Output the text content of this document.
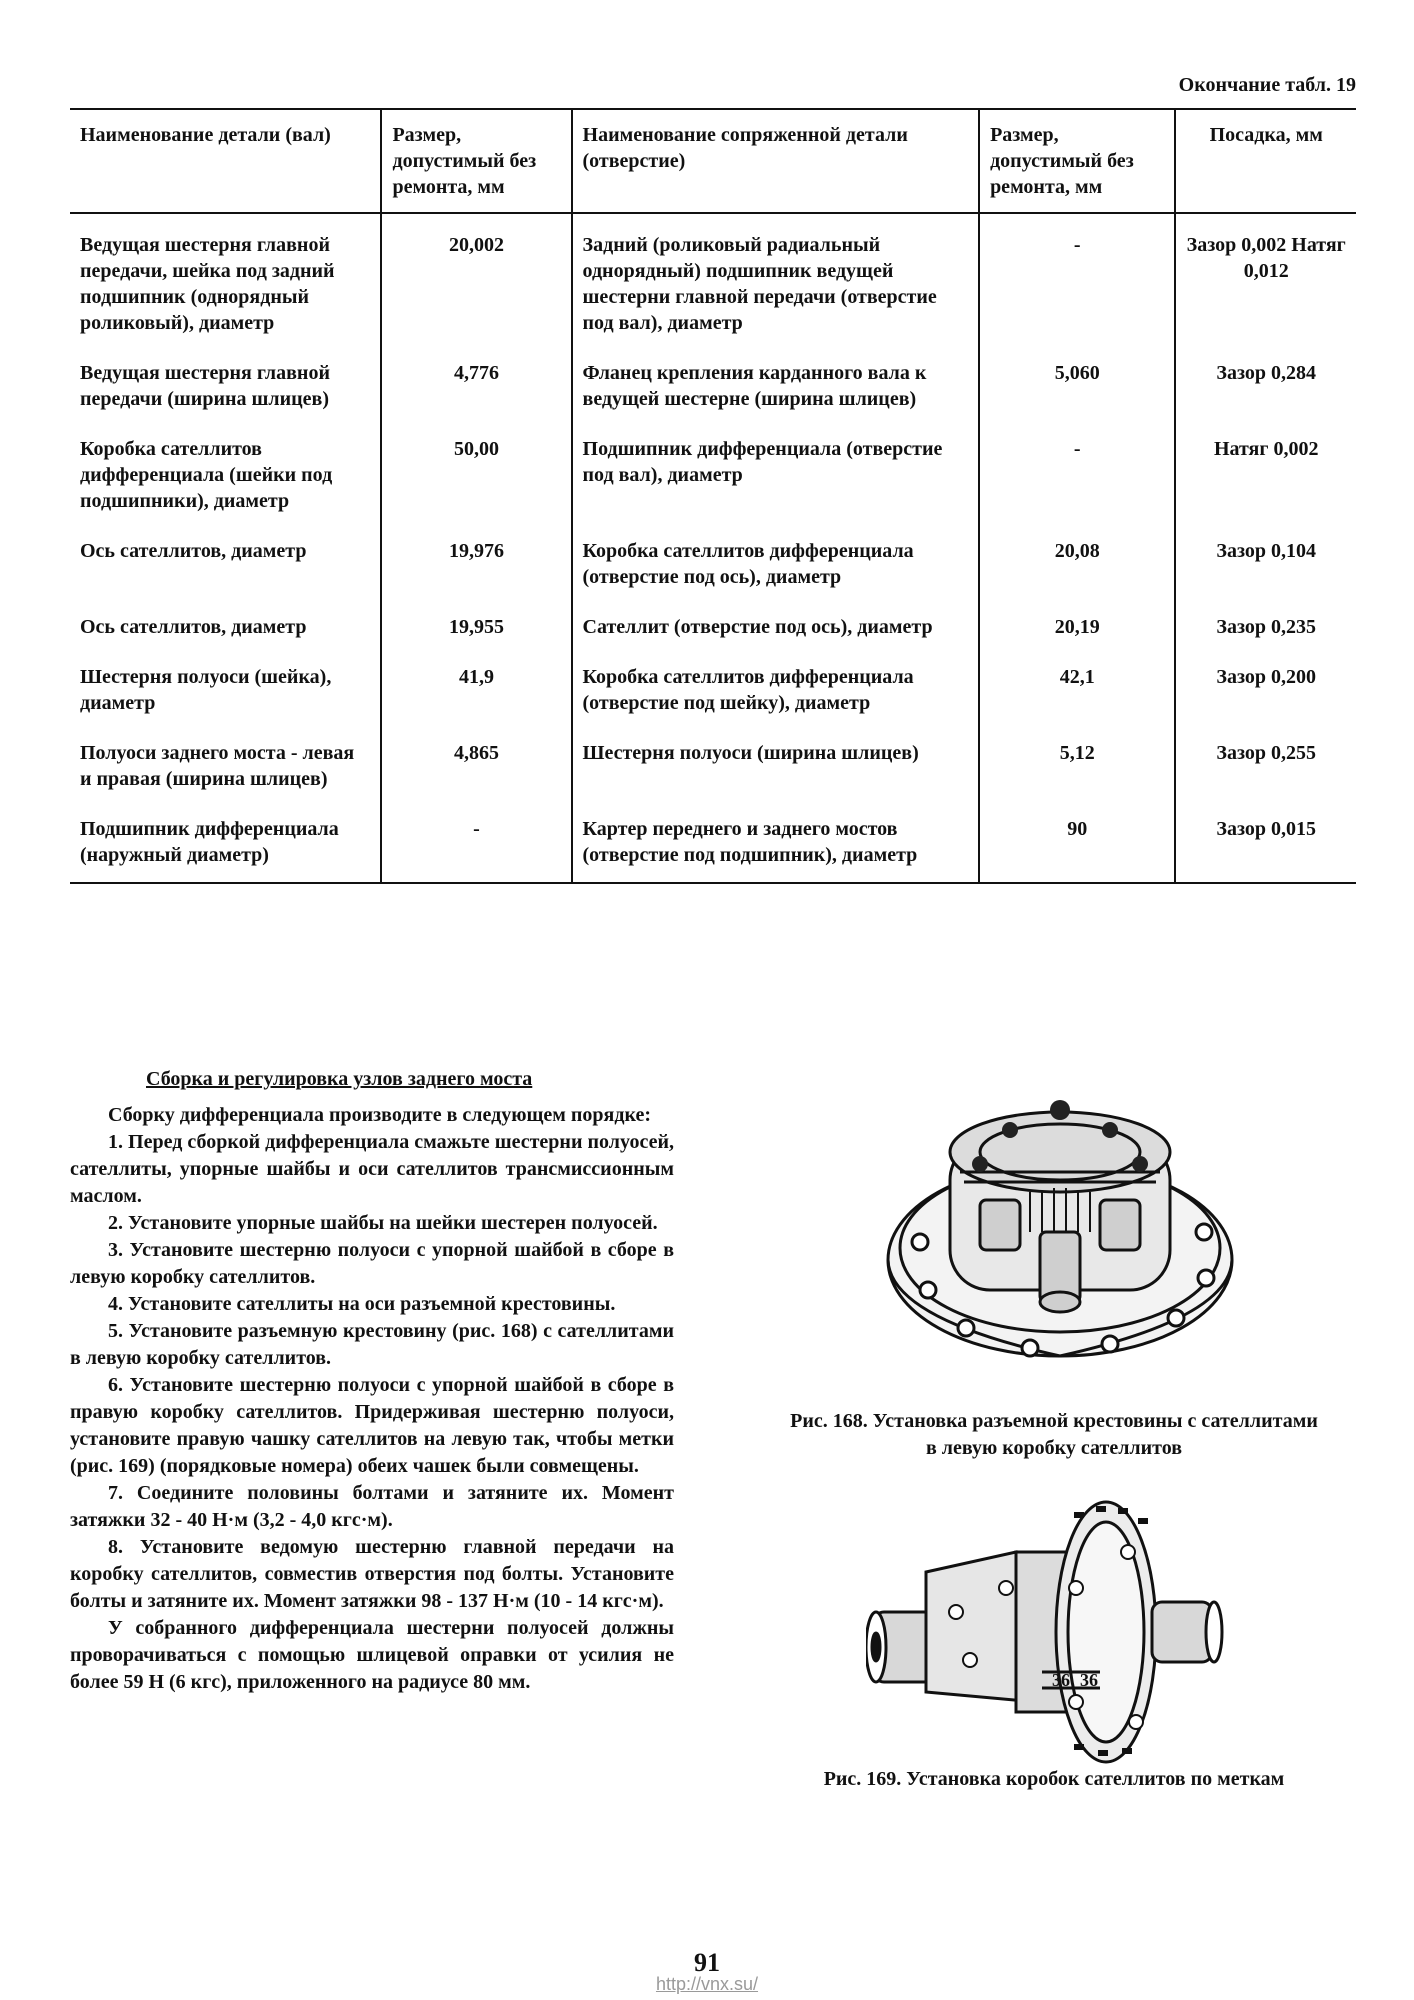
Окончание табл. 19
Наименование детали (вал)	Размер, допустимый без ремонта, мм	Наименование сопряженной детали (отверстие)	Размер, допустимый без ремонта, мм	Посадка, мм
Ведущая шестерня главной передачи, шейка под задний подшипник (однорядный роликовый), диаметр	20,002	Задний (роликовый радиальный однорядный) подшипник ведущей шестерни главной передачи (отверстие под вал), диаметр	-	Зазор 0,002 Натяг 0,012
Ведущая шестерня главной передачи (ширина шлицев)	4,776	Фланец крепления карданного вала к ведущей шестерне (ширина шлицев)	5,060	Зазор 0,284
Коробка сателлитов дифференциала (шейки под подшипники), диаметр	50,00	Подшипник дифференциала (отверстие под вал), диаметр	-	Натяг 0,002
Ось сателлитов, диаметр	19,976	Коробка сателлитов дифференциала (отверстие под ось), диаметр	20,08	Зазор 0,104
Ось сателлитов, диаметр	19,955	Сателлит (отверстие под ось), диаметр	20,19	Зазор 0,235
Шестерня полуоси (шейка), диаметр	41,9	Коробка сателлитов дифференциала (отверстие под шейку), диаметр	42,1	Зазор 0,200
Полуоси заднего моста - левая и правая (ширина шлицев)	4,865	Шестерня полуоси (ширина шлицев)	5,12	Зазор 0,255
Подшипник дифференциала (наружный диаметр)	-	Картер переднего и заднего мостов (отверстие под подшипник), диаметр	90	Зазор 0,015
Сборка и регулировка узлов заднего моста

Сборку дифференциала производите в следующем порядке:

1. Перед сборкой дифференциала смажьте шестерни полуосей, сателлиты, упорные шайбы и оси сателлитов трансмиссионным маслом.

2. Установите упорные шайбы на шейки шестерен полуосей.

3. Установите шестерню полуоси с упорной шайбой в сборе в левую коробку сателлитов.

4. Установите сателлиты на оси разъемной крестовины.

5. Установите разъемную крестовину (рис. 168) с сателлитами в левую коробку сателлитов.

6. Установите шестерню полуоси с упорной шайбой в сборе в правую коробку сателлитов. Придерживая шестерню полуоси, установите правую чашку сателлитов на левую так, чтобы метки (рис. 169) (порядковые номера) обеих чашек были совмещены.

7. Соедините половины болтами и затяните их. Момент затяжки 32 - 40 Н·м (3,2 - 4,0 кгс·м).

8. Установите ведомую шестерню главной передачи на коробку сателлитов, совместив отверстия под болты. Установите болты и затяните их. Момент затяжки 98 - 137 Н·м (10 - 14 кгс·м).

У собранного дифференциала шестерни полуосей должны проворачиваться с помощью шлицевой оправки от усилия не более 59 Н (6 кгс), приложенного на радиусе 80 мм.

Рис. 168. Установка разъемной крестовины с сателлитами в левую коробку сателлитов
36 36
Рис. 169. Установка коробок сателлитов по меткам
91
http://vnx.su/
